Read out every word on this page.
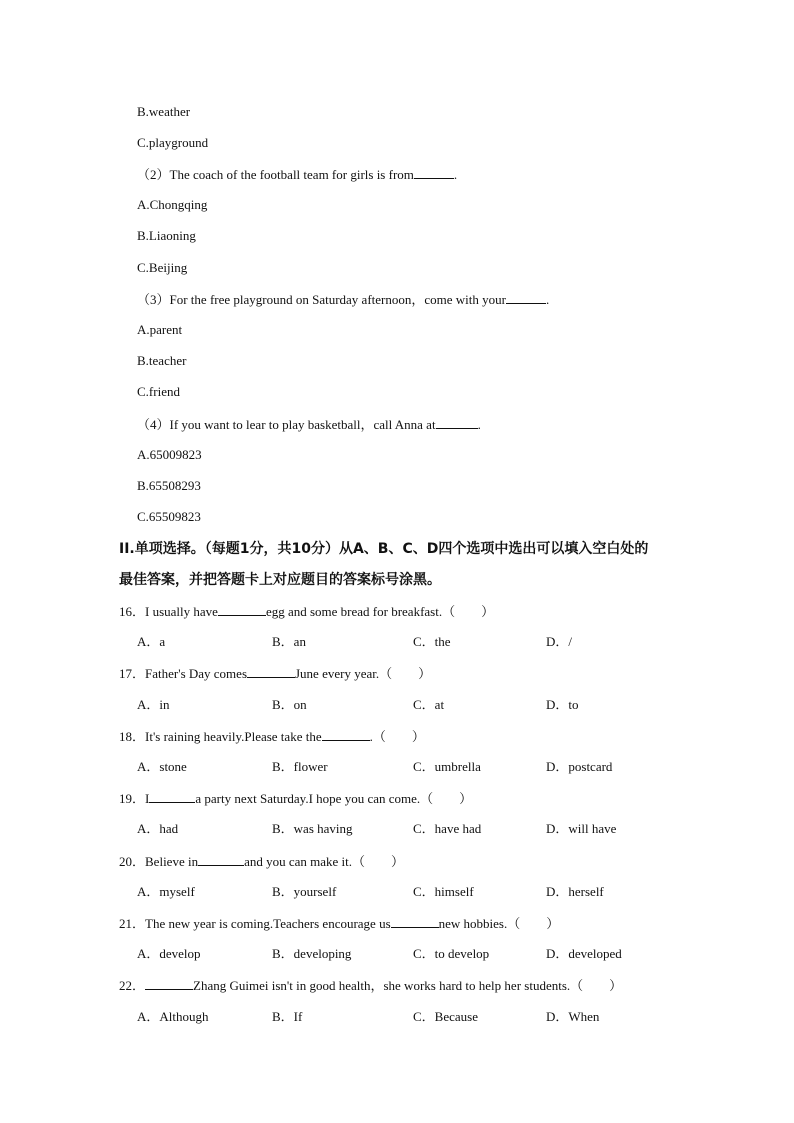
B.weather
C.playground
（2）The coach of the football team for girls is from	.
A.Chongqing
B.Liaoning
C.Beijing
（3）For the free playground on Saturday afternoon，come with your	.
A.parent
B.teacher
C.friend
（4）If you want to lear to play basketball，call Anna at	.
A.65009823
B.65508293
C.65509823
II.单项选择。（每题1分，共10分）从A、B、C、D四个选项中选出可以填入空白处的
最佳答案，并把答题卡上对应题目的答案标号涂黑。
16．I usually have	egg and some bread for breakfast.（　　）
A．a	B．an	C．the	D．/
17．Father's Day comes	June every year.（　　）
A．in	B．on	C．at	D．to
18．It's raining heavily.Please take the	.（　　）
A．stone	B．flower	C．umbrella	D．postcard
19．I	a party next Saturday.I hope you can come.（　　）
A．had	B．was having	C．have had	D．will have
20．Believe in	and you can make it.（　　）
A．myself	B．yourself	C．himself	D．herself
21．The new year is coming.Teachers encourage us	new hobbies.（　　）
A．develop	B．developing	C．to develop	D．developed
22．	Zhang Guimei isn't in good health，she works hard to help her students.（　　）
A．Although	B．If	C．Because	D．When
